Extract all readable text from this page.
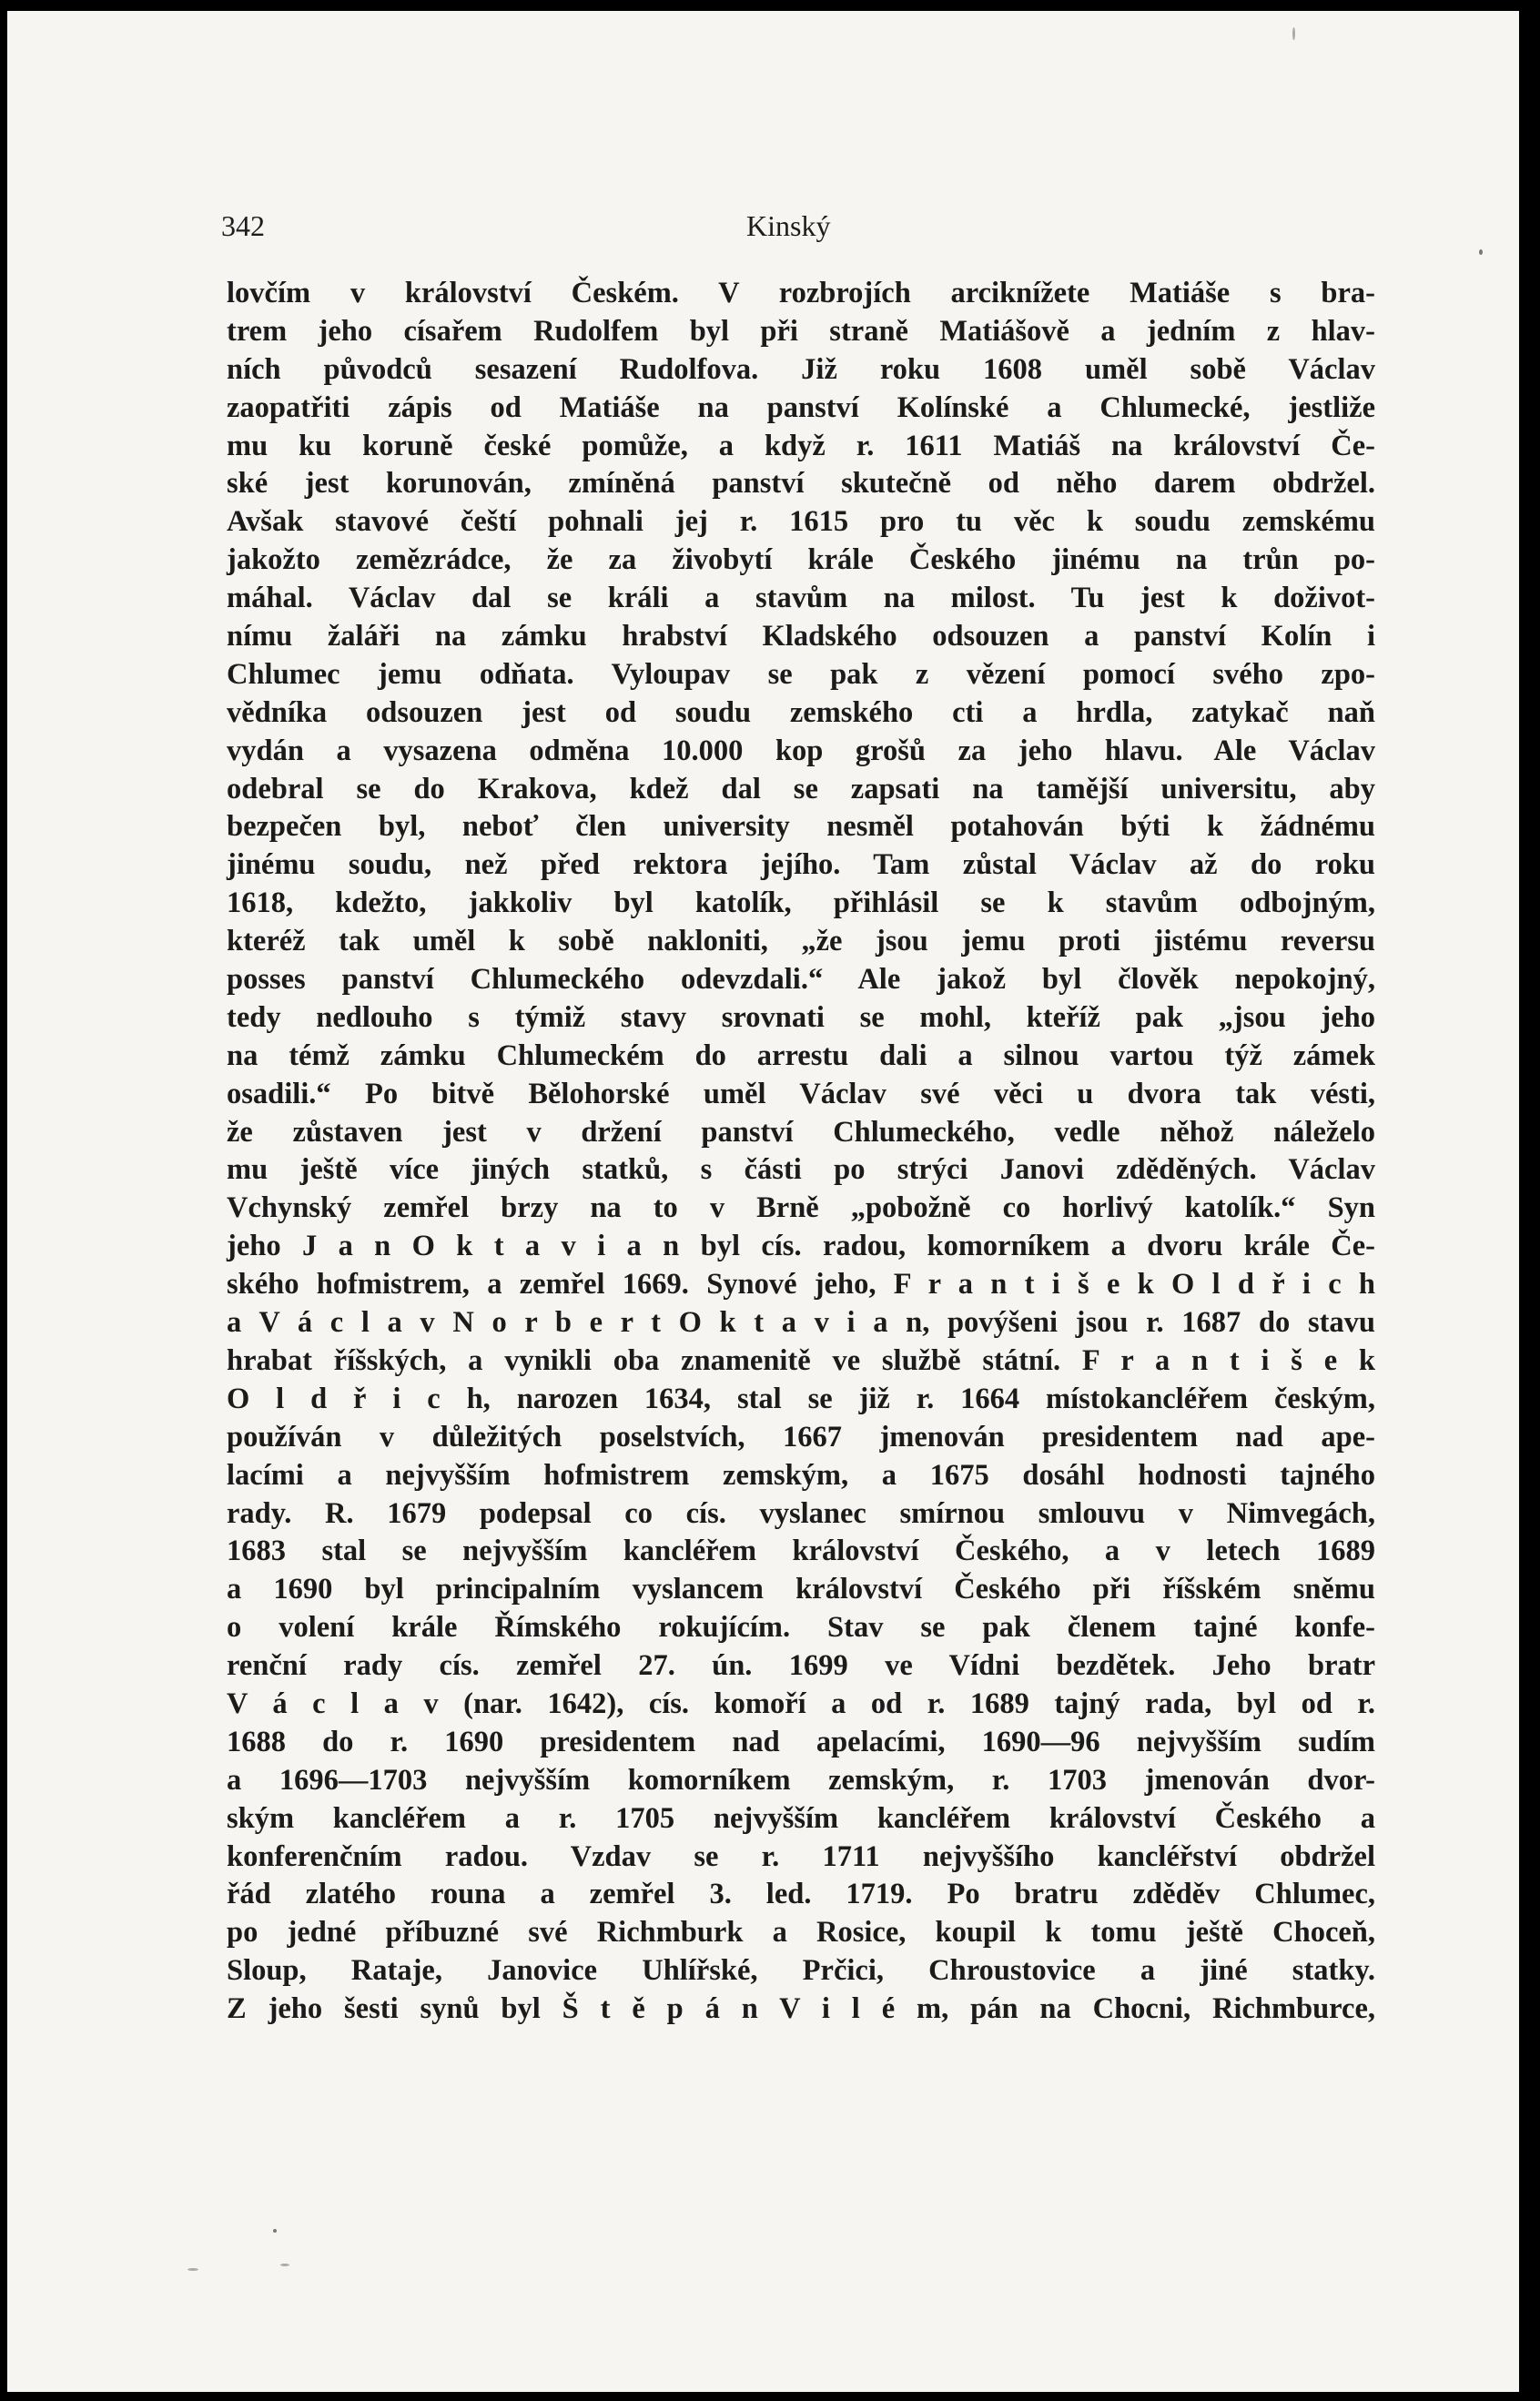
342	Kinský
lovčím v království Českém. V rozbrojích arciknížete Matiáše s bra-
trem jeho císařem Rudolfem byl při straně Matiášově a jedním z hlav-
ních původců sesazení Rudolfova. Již roku 1608 uměl sobě Václav
zaopatřiti zápis od Matiáše na panství Kolínské a Chlumecké, jestliže
mu ku koruně české pomůže, a když r. 1611 Matiáš na království Če-
ské jest korunován, zmíněná panství skutečně od něho darem obdržel.
Avšak stavové čeští pohnali jej r. 1615 pro tu věc k soudu zemskému
jakožto zemězrádce, že za živobytí krále Českého jinému na trůn po-
máhal. Václav dal se králi a stavům na milost. Tu jest k doživot-
nímu žaláři na zámku hrabství Kladského odsouzen a panství Kolín i
Chlumec jemu odňata. Vyloupav se pak z vězení pomocí svého zpo-
vědníka odsouzen jest od soudu zemského cti a hrdla, zatykač naň
vydán a vysazena odměna 10.000 kop grošů za jeho hlavu. Ale Václav
odebral se do Krakova, kdež dal se zapsati na tamější universitu, aby
bezpečen byl, neboť člen university nesměl potahován býti k žádnému
jinému soudu, než před rektora jejího. Tam zůstal Václav až do roku
1618, kdežto, jakkoliv byl katolík, přihlásil se k stavům odbojným,
kteréž tak uměl k sobě nakloniti, „že jsou jemu proti jistému reversu
posses panství Chlumeckého odevzdali.“ Ale jakož byl člověk nepokojný,
tedy nedlouho s týmiž stavy srovnati se mohl, kteříž pak „jsou jeho
na témž zámku Chlumeckém do arrestu dali a silnou vartou týž zámek
osadili.“ Po bitvě Bělohorské uměl Václav své věci u dvora tak vésti,
že zůstaven jest v držení panství Chlumeckého, vedle něhož náleželo
mu ještě více jiných statků, s části po strýci Janovi zděděných. Václav
Vchynský zemřel brzy na to v Brně „pobožně co horlivý katolík.“ Syn
jeho J a n O k t a v i a n byl cís. radou, komorníkem a dvoru krále Če-
ského hofmistrem, a zemřel 1669. Synové jeho, F r a n t i š e k O l d ř i c h
a V á c l a v N o r b e r t O k t a v i a n, povýšeni jsou r. 1687 do stavu
hrabat říšských, a vynikli oba znamenitě ve službě státní. F r a n t i š e k
O l d ř i c h, narozen 1634, stal se již r. 1664 místokancléřem českým,
používán v důležitých poselstvích, 1667 jmenován presidentem nad ape-
lacími a nejvyšším hofmistrem zemským, a 1675 dosáhl hodnosti tajného
rady. R. 1679 podepsal co cís. vyslanec smírnou smlouvu v Nimvegách,
1683 stal se nejvyšším kancléřem království Českého, a v letech 1689
a 1690 byl principalním vyslancem království Českého při říšském sněmu
o volení krále Římského rokujícím. Stav se pak členem tajné konfe-
renční rady cís. zemřel 27. ún. 1699 ve Vídni bezdětek. Jeho bratr
V á c l a v (nar. 1642), cís. komoří a od r. 1689 tajný rada, byl od r.
1688 do r. 1690 presidentem nad apelacími, 1690—96 nejvyšším sudím
a 1696—1703 nejvyšším komorníkem zemským, r. 1703 jmenován dvor-
ským kancléřem a r. 1705 nejvyšším kancléřem království Českého a
konferenčním radou. Vzdav se r. 1711 nejvyššího kancléřství obdržel
řád zlatého rouna a zemřel 3. led. 1719. Po bratru zděděv Chlumec,
po jedné příbuzné své Richmburk a Rosice, koupil k tomu ještě Choceň,
Sloup, Rataje, Janovice Uhlířské, Prčici, Chroustovice a jiné statky.
Z jeho šesti synů byl Š t ě p á n V i l é m, pán na Chocni, Richmburce,
